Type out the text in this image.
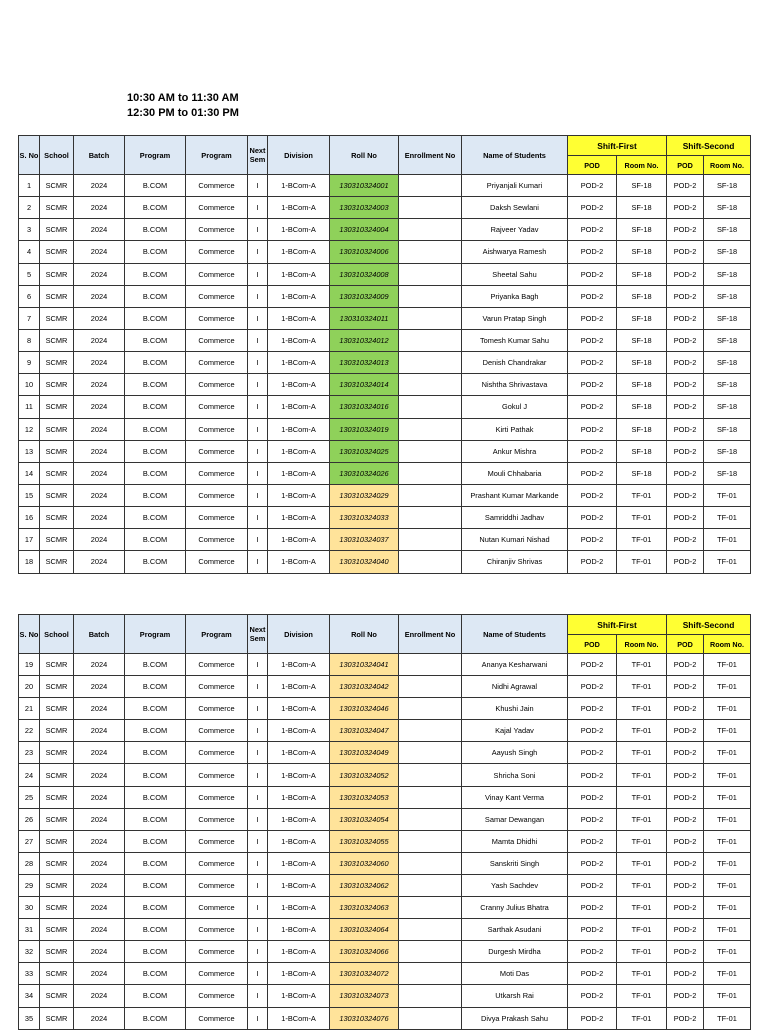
10:30 AM to 11:30 AM
12:30 PM to 01:30 PM
S. No	School	Batch	Program	Program	Next Sem	Division	Roll No	Enrollment No	Name of Students	Shift-First		Shift-Second	
										POD	Room No.	POD	Room No.
1	SCMR	2024	B.COM	Commerce	I	1-BCom-A	130310324001		Priyanjali Kumari	POD-2	SF-18	POD-2	SF-18
2	SCMR	2024	B.COM	Commerce	I	1-BCom-A	130310324003		Daksh Sewlani	POD-2	SF-18	POD-2	SF-18
3	SCMR	2024	B.COM	Commerce	I	1-BCom-A	130310324004		Rajveer Yadav	POD-2	SF-18	POD-2	SF-18
4	SCMR	2024	B.COM	Commerce	I	1-BCom-A	130310324006		Aishwarya Ramesh	POD-2	SF-18	POD-2	SF-18
5	SCMR	2024	B.COM	Commerce	I	1-BCom-A	130310324008		Sheetal Sahu	POD-2	SF-18	POD-2	SF-18
6	SCMR	2024	B.COM	Commerce	I	1-BCom-A	130310324009		Priyanka Bagh	POD-2	SF-18	POD-2	SF-18
7	SCMR	2024	B.COM	Commerce	I	1-BCom-A	130310324011		Varun Pratap Singh	POD-2	SF-18	POD-2	SF-18
8	SCMR	2024	B.COM	Commerce	I	1-BCom-A	130310324012		Tomesh Kumar Sahu	POD-2	SF-18	POD-2	SF-18
9	SCMR	2024	B.COM	Commerce	I	1-BCom-A	130310324013		Denish Chandrakar	POD-2	SF-18	POD-2	SF-18
10	SCMR	2024	B.COM	Commerce	I	1-BCom-A	130310324014		Nishtha Shrivastava	POD-2	SF-18	POD-2	SF-18
11	SCMR	2024	B.COM	Commerce	I	1-BCom-A	130310324016		Gokul J	POD-2	SF-18	POD-2	SF-18
12	SCMR	2024	B.COM	Commerce	I	1-BCom-A	130310324019		Kirti Pathak	POD-2	SF-18	POD-2	SF-18
13	SCMR	2024	B.COM	Commerce	I	1-BCom-A	130310324025		Ankur Mishra	POD-2	SF-18	POD-2	SF-18
14	SCMR	2024	B.COM	Commerce	I	1-BCom-A	130310324026		Mouli Chhabaria	POD-2	SF-18	POD-2	SF-18
15	SCMR	2024	B.COM	Commerce	I	1-BCom-A	130310324029		Prashant Kumar Markande	POD-2	TF-01	POD-2	TF-01
16	SCMR	2024	B.COM	Commerce	I	1-BCom-A	130310324033		Samriddhi Jadhav	POD-2	TF-01	POD-2	TF-01
17	SCMR	2024	B.COM	Commerce	I	1-BCom-A	130310324037		Nutan Kumari Nishad	POD-2	TF-01	POD-2	TF-01
18	SCMR	2024	B.COM	Commerce	I	1-BCom-A	130310324040		Chiranjiv Shrivas	POD-2	TF-01	POD-2	TF-01
S. No	School	Batch	Program	Program	Next Sem	Division	Roll No	Enrollment No	Name of Students	Shift-First		Shift-Second	
										POD	Room No.	POD	Room No.
19	SCMR	2024	B.COM	Commerce	I	1-BCom-A	130310324041		Ananya Kesharwani	POD-2	TF-01	POD-2	TF-01
20	SCMR	2024	B.COM	Commerce	I	1-BCom-A	130310324042		Nidhi Agrawal	POD-2	TF-01	POD-2	TF-01
21	SCMR	2024	B.COM	Commerce	I	1-BCom-A	130310324046		Khushi Jain	POD-2	TF-01	POD-2	TF-01
22	SCMR	2024	B.COM	Commerce	I	1-BCom-A	130310324047		Kajal Yadav	POD-2	TF-01	POD-2	TF-01
23	SCMR	2024	B.COM	Commerce	I	1-BCom-A	130310324049		Aayush Singh	POD-2	TF-01	POD-2	TF-01
24	SCMR	2024	B.COM	Commerce	I	1-BCom-A	130310324052		Shricha Soni	POD-2	TF-01	POD-2	TF-01
25	SCMR	2024	B.COM	Commerce	I	1-BCom-A	130310324053		Vinay Kant Verma	POD-2	TF-01	POD-2	TF-01
26	SCMR	2024	B.COM	Commerce	I	1-BCom-A	130310324054		Samar Dewangan	POD-2	TF-01	POD-2	TF-01
27	SCMR	2024	B.COM	Commerce	I	1-BCom-A	130310324055		Mamta Dhidhi	POD-2	TF-01	POD-2	TF-01
28	SCMR	2024	B.COM	Commerce	I	1-BCom-A	130310324060		Sanskriti Singh	POD-2	TF-01	POD-2	TF-01
29	SCMR	2024	B.COM	Commerce	I	1-BCom-A	130310324062		Yash Sachdev	POD-2	TF-01	POD-2	TF-01
30	SCMR	2024	B.COM	Commerce	I	1-BCom-A	130310324063		Cranny Julius Bhatra	POD-2	TF-01	POD-2	TF-01
31	SCMR	2024	B.COM	Commerce	I	1-BCom-A	130310324064		Sarthak Asudani	POD-2	TF-01	POD-2	TF-01
32	SCMR	2024	B.COM	Commerce	I	1-BCom-A	130310324066		Durgesh Mirdha	POD-2	TF-01	POD-2	TF-01
33	SCMR	2024	B.COM	Commerce	I	1-BCom-A	130310324072		Moti Das	POD-2	TF-01	POD-2	TF-01
34	SCMR	2024	B.COM	Commerce	I	1-BCom-A	130310324073		Utkarsh Rai	POD-2	TF-01	POD-2	TF-01
35	SCMR	2024	B.COM	Commerce	I	1-BCom-A	130310324076		Divya Prakash Sahu	POD-2	TF-01	POD-2	TF-01
